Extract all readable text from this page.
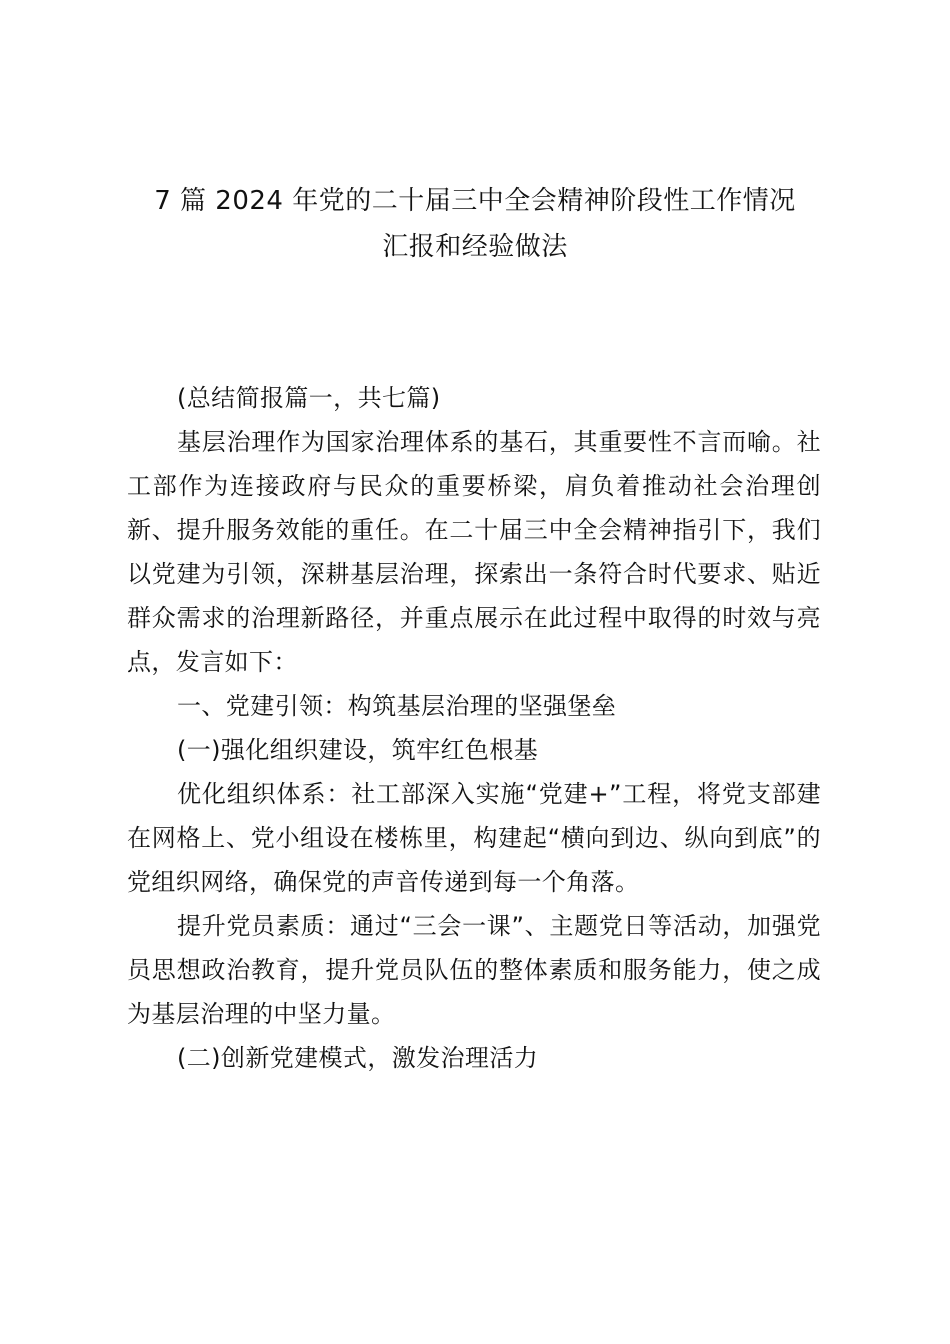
7 篇 2024 年党的二十届三中全会精神阶段性工作情况
汇报和经验做法

(总结简报篇一，共七篇)

基层治理作为国家治理体系的基石，其重要性不言而喻。社工部作为连接政府与民众的重要桥梁，肩负着推动社会治理创新、提升服务效能的重任。在二十届三中全会精神指引下，我们以党建为引领，深耕基层治理，探索出一条符合时代要求、贴近群众需求的治理新路径，并重点展示在此过程中取得的时效与亮点，发言如下：

一、党建引领：构筑基层治理的坚强堡垒

(一)强化组织建设，筑牢红色根基

优化组织体系：社工部深入实施“党建+”工程，将党支部建在网格上、党小组设在楼栋里，构建起“横向到边、纵向到底”的党组织网络，确保党的声音传递到每一个角落。

提升党员素质：通过“三会一课”、主题党日等活动，加强党员思想政治教育，提升党员队伍的整体素质和服务能力，使之成为基层治理的中坚力量。

(二)创新党建模式，激发治理活力
